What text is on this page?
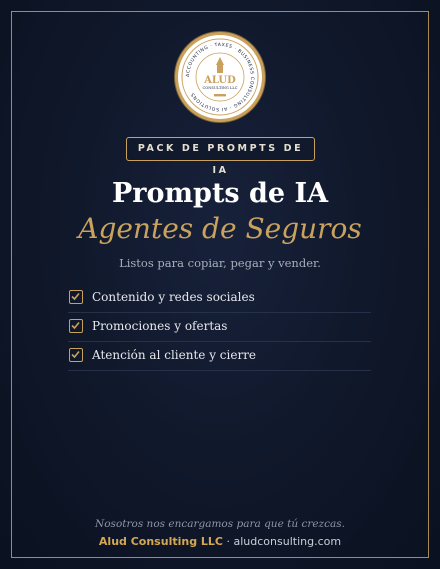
ACCOUNTING · TAXES · BUSINESS CONSULTING · AI SOLUTIONS
ALUD
CONSULTING LLC
PACK DE PROMPTS DE IA
Prompts de IA
Agentes de Seguros
Listos para copiar, pegar y vender.
Contenido y redes sociales
Promociones y ofertas
Atención al cliente y cierre
Nosotros nos encargamos para que tú crezcas.
Alud Consulting LLC · aludconsulting.com
